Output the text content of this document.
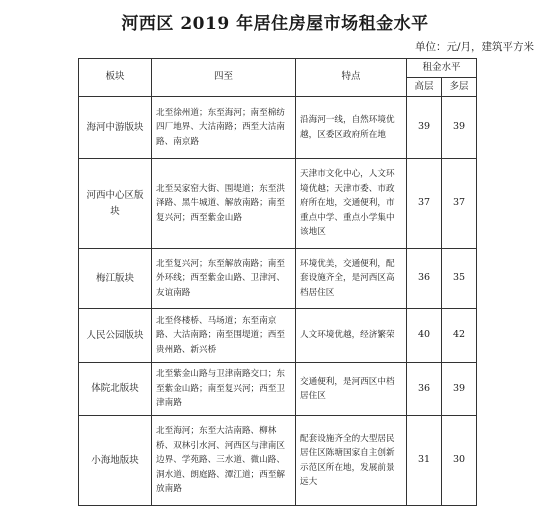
河西区 2019 年居住房屋市场租金水平
单位：元/月，建筑平方米
板块	四至	特点	租金水平	
			高层	多层
海河中游版块	北至徐州道；东至海河；南至棉纺四厂地界、大沽南路；西至大沽南路、南京路	沿海河一线，自然环境优越，区委区政府所在地	39	39
河西中心区版块	北至吴家窑大街、围堤道；东至洪泽路、黑牛城道、解放南路；南至复兴河；西至紫金山路	天津市文化中心，人文环境优越；天津市委、市政府所在地，交通便利，市重点中学、重点小学集中该地区	37	37
梅江版块	北至复兴河；东至解放南路；南至外环线；西至紫金山路、卫津河、友谊南路	环境优美，交通便利，配套设施齐全，是河西区高档居住区	36	35
人民公园版块	北至佟楼桥、马场道；东至南京路、大沽南路；南至围堤道；西至贵州路、新兴桥	人文环境优越，经济繁荣	40	42
体院北版块	北至紫金山路与卫津南路交口；东至紫金山路；南至复兴河；西至卫津南路	交通便利，是河西区中档居住区	36	39
小海地版块	北至海河；东至大沽南路、柳林桥、双林引水河、河西区与津南区边界、学苑路、三水道、微山路、洞水道、朗庭路、潭江道；西至解放南路	配套设施齐全的大型居民居住区陈塘国家自主创新示范区所在地，发展前景远大	31	30
